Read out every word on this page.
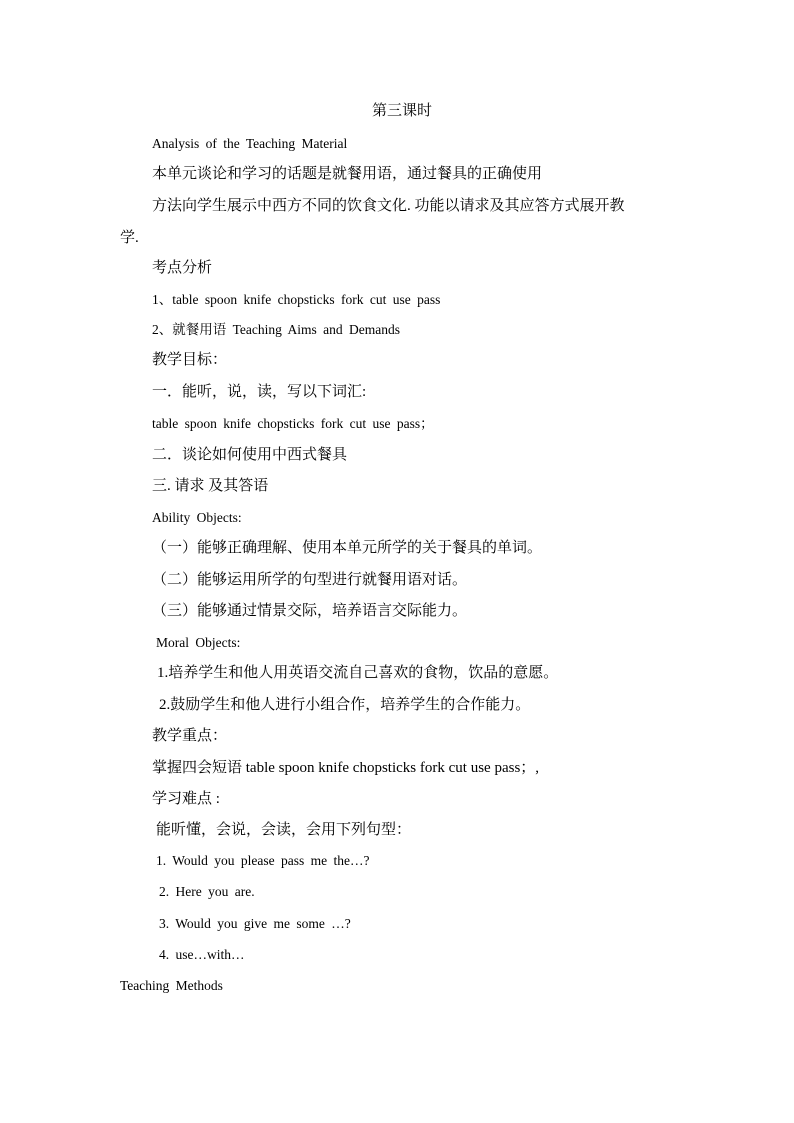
第三课时

Analysis of the Teaching Material

本单元谈论和学习的话题是就餐用语，通过餐具的正确使用

方法向学生展示中西方不同的饮食文化. 功能以请求及其应答方式展开教

学.

考点分析

1、table spoon knife chopsticks fork cut use pass

2、就餐用语 Teaching Aims and Demands

教学目标：

一．能听，说，读，写以下词汇:

table spoon knife chopsticks fork cut use pass；

二．谈论如何使用中西式餐具

三. 请求 及其答语

Ability Objects:

（一）能够正确理解、使用本单元所学的关于餐具的单词。

（二）能够运用所学的句型进行就餐用语对话。

（三）能够通过情景交际，培养语言交际能力。

Moral Objects:

1.培养学生和他人用英语交流自己喜欢的食物，饮品的意愿。

2.鼓励学生和他人进行小组合作，培养学生的合作能力。

教学重点：

掌握四会短语 table spoon knife chopsticks fork cut use pass；,

学习难点 :

能听懂，会说，会读，会用下列句型：

1. Would you please pass me the…?

2. Here you are.

3. Would you give me some …?

4. use…with…

Teaching Methods
